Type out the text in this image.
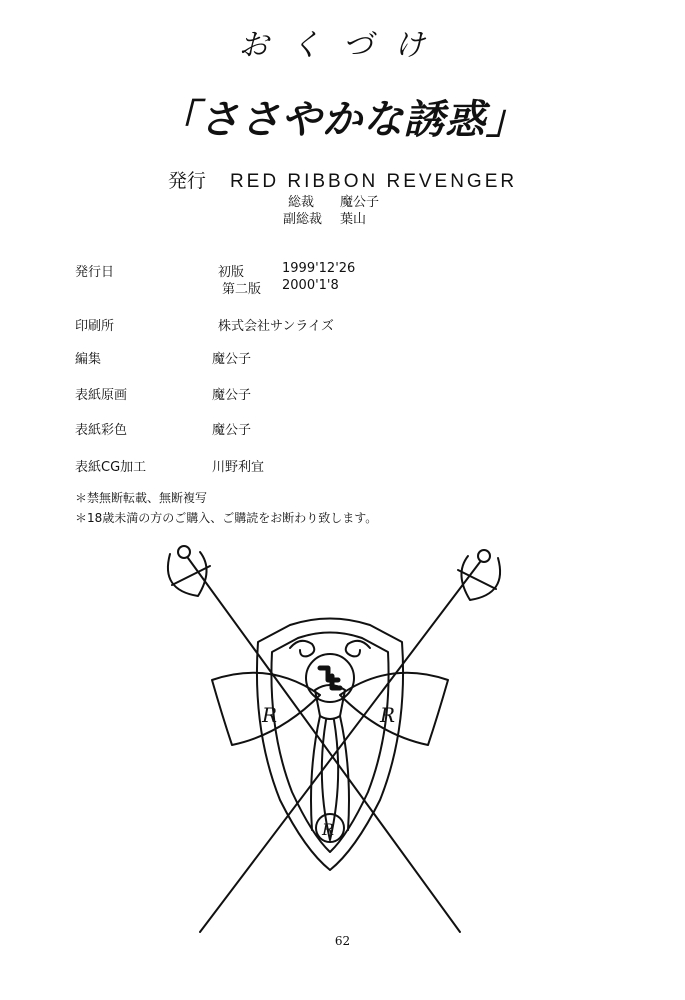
おくづけ
「ささやかな誘惑」
発行 RED RIBBON REVENGER
総裁 魔公子
副総裁 葉山
発行日	初版	1999'12'26
第二版 2000'1'8
印刷所	株式会社サンライズ
編集	魔公子
表紙原画	魔公子
表紙彩色	魔公子
表紙CG加工	川野利宜
＊禁無断転載、無断複写
＊18歳未満の方のご購入、ご購読をお断わり致します。
R	R
R
62
